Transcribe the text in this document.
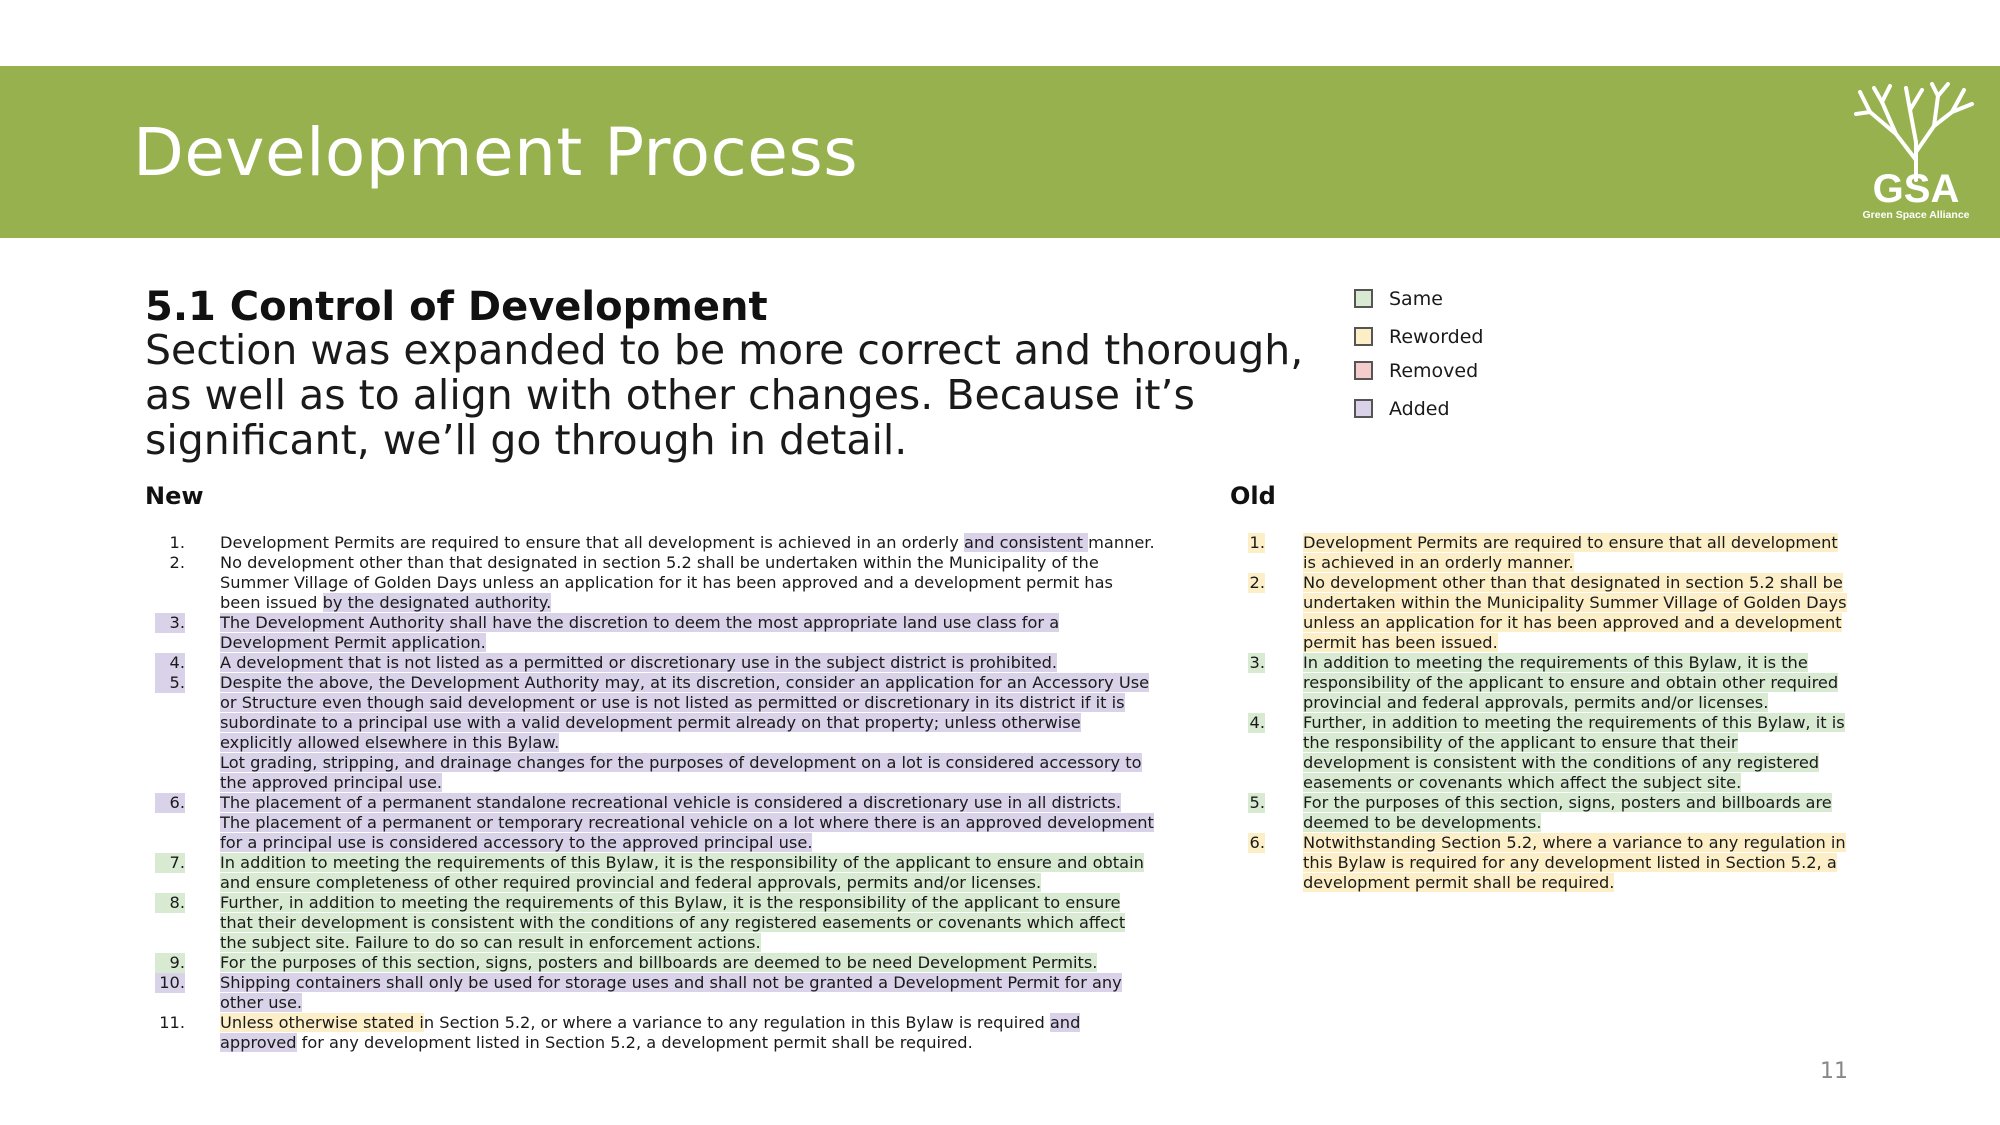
Development Process	GSA
Green Space Alliance
5.1 Control of Development

Section was expanded to be more correct and thorough, as well as to align with other changes. Because it’s significant, we’ll go through in detail.

Same
Reworded
Removed
Added
New	Old
1. Development Permits are required to ensure that all development is achieved in an orderly and consistent manner.
2. No development other than that designated in section 5.2 shall be undertaken within the Municipality of the Summer Village of Golden Days unless an application for it has been approved and a development permit has been issued by the designated authority.
3. The Development Authority shall have the discretion to deem the most appropriate land use class for a Development Permit application.
4. A development that is not listed as a permitted or discretionary use in the subject district is prohibited.
5. Despite the above, the Development Authority may, at its discretion, consider an application for an Accessory Use or Structure even though said development or use is not listed as permitted or discretionary in its district if it is subordinate to a principal use with a valid development permit already on that property; unless otherwise explicitly allowed elsewhere in this Bylaw.
Lot grading, stripping, and drainage changes for the purposes of development on a lot is considered accessory to the approved principal use.
6. The placement of a permanent standalone recreational vehicle is considered a discretionary use in all districts. The placement of a permanent or temporary recreational vehicle on a lot where there is an approved development for a principal use is considered accessory to the approved principal use.
7. In addition to meeting the requirements of this Bylaw, it is the responsibility of the applicant to ensure and obtain and ensure completeness of other required provincial and federal approvals, permits and/or licenses.
8. Further, in addition to meeting the requirements of this Bylaw, it is the responsibility of the applicant to ensure that their development is consistent with the conditions of any registered easements or covenants which affect the subject site. Failure to do so can result in enforcement actions.
9. For the purposes of this section, signs, posters and billboards are deemed to be need Development Permits.
10. Shipping containers shall only be used for storage uses and shall not be granted a Development Permit for any other use.
11. Unless otherwise stated in Section 5.2, or where a variance to any regulation in this Bylaw is required and approved for any development listed in Section 5.2, a development permit shall be required.
1. Development Permits are required to ensure that all development is achieved in an orderly manner.
2. No development other than that designated in section 5.2 shall be undertaken within the Municipality Summer Village of Golden Days unless an application for it has been approved and a development permit has been issued.
3. In addition to meeting the requirements of this Bylaw, it is the responsibility of the applicant to ensure and obtain other required provincial and federal approvals, permits and/or licenses.
4. Further, in addition to meeting the requirements of this Bylaw, it is the responsibility of the applicant to ensure that their development is consistent with the conditions of any registered easements or covenants which affect the subject site.
5. For the purposes of this section, signs, posters and billboards are deemed to be developments.
6. Notwithstanding Section 5.2, where a variance to any regulation in this Bylaw is required for any development listed in Section 5.2, a development permit shall be required.
11
